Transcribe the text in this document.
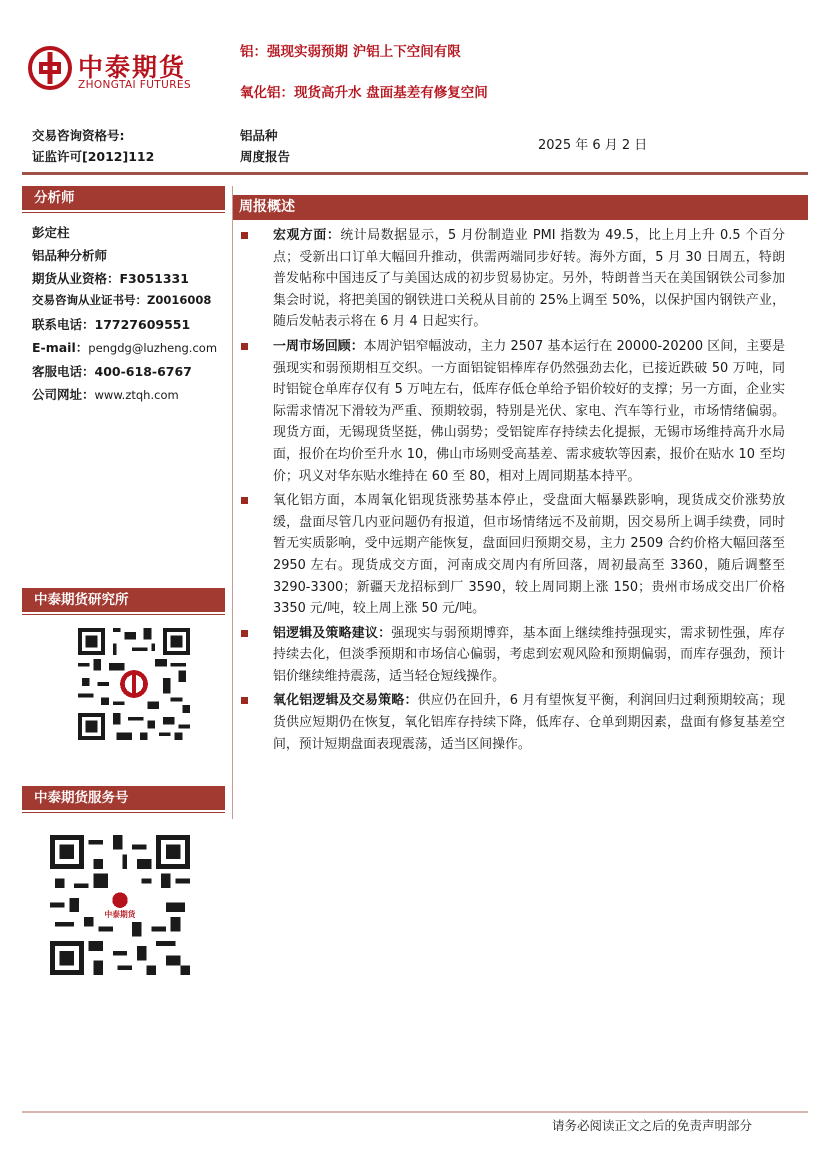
中泰期货
ZHONGTAI FUTURES
铝：强现实弱预期 沪铝上下空间有限
氧化铝：现货高升水 盘面基差有修复空间
交易咨询资格号:
证监许可[2012]112
铝品种
周度报告
2025 年 6 月 2 日
分析师
彭定柱
铝品种分析师
期货从业资格：F3051331
交易咨询从业证书号：Z0016008
联系电话：17727609551
E-mail：pengdg@luzheng.com
客服电话：400-618-6767
公司网址：www.ztqh.com
中泰期货研究所
中泰期货服务号
中泰期货
周报概述
宏观方面：统计局数据显示，5 月份制造业 PMI 指数为 49.5，比上月上升 0.5 个百分点；受新出口订单大幅回升推动，供需两端同步好转。海外方面，5 月 30 日周五，特朗普发帖称中国违反了与美国达成的初步贸易协定。另外，特朗普当天在美国钢铁公司参加集会时说，将把美国的钢铁进口关税从目前的 25%上调至 50%，以保护国内钢铁产业，随后发帖表示将在 6 月 4 日起实行。
一周市场回顾：本周沪铝窄幅波动，主力 2507 基本运行在 20000-20200 区间，主要是强现实和弱预期相互交织。一方面铝锭铝棒库存仍然强劲去化，已接近跌破 50 万吨，同时铝锭仓单库存仅有 5 万吨左右，低库存低仓单给予铝价较好的支撑；另一方面，企业实际需求情况下滑较为严重、预期较弱，特别是光伏、家电、汽车等行业，市场情绪偏弱。现货方面，无锡现货坚挺，佛山弱势；受铝锭库存持续去化提振，无锡市场维持高升水局面，报价在均价至升水 10，佛山市场则受高基差、需求疲软等因素，报价在贴水 10 至均价；巩义对华东贴水维持在 60 至 80，相对上周同期基本持平。
氧化铝方面，本周氧化铝现货涨势基本停止，受盘面大幅暴跌影响，现货成交价涨势放缓，盘面尽管几内亚问题仍有报道，但市场情绪远不及前期，因交易所上调手续费，同时暂无实质影响，受中远期产能恢复，盘面回归预期交易，主力 2509 合约价格大幅回落至 2950 左右。现货成交方面，河南成交周内有所回落，周初最高至 3360，随后调整至 3290-3300；新疆天龙招标到厂 3590，较上周同期上涨 150；贵州市场成交出厂价格 3350 元/吨，较上周上涨 50 元/吨。
铝逻辑及策略建议：强现实与弱预期博弈，基本面上继续维持强现实，需求韧性强，库存持续去化，但淡季预期和市场信心偏弱，考虑到宏观风险和预期偏弱，而库存强劲，预计铝价继续维持震荡，适当轻仓短线操作。
氧化铝逻辑及交易策略：供应仍在回升，6 月有望恢复平衡，利润回归过剩预期较高；现货供应短期仍在恢复，氧化铝库存持续下降，低库存、仓单到期因素，盘面有修复基差空间，预计短期盘面表现震荡，适当区间操作。
请务必阅读正文之后的免责声明部分
